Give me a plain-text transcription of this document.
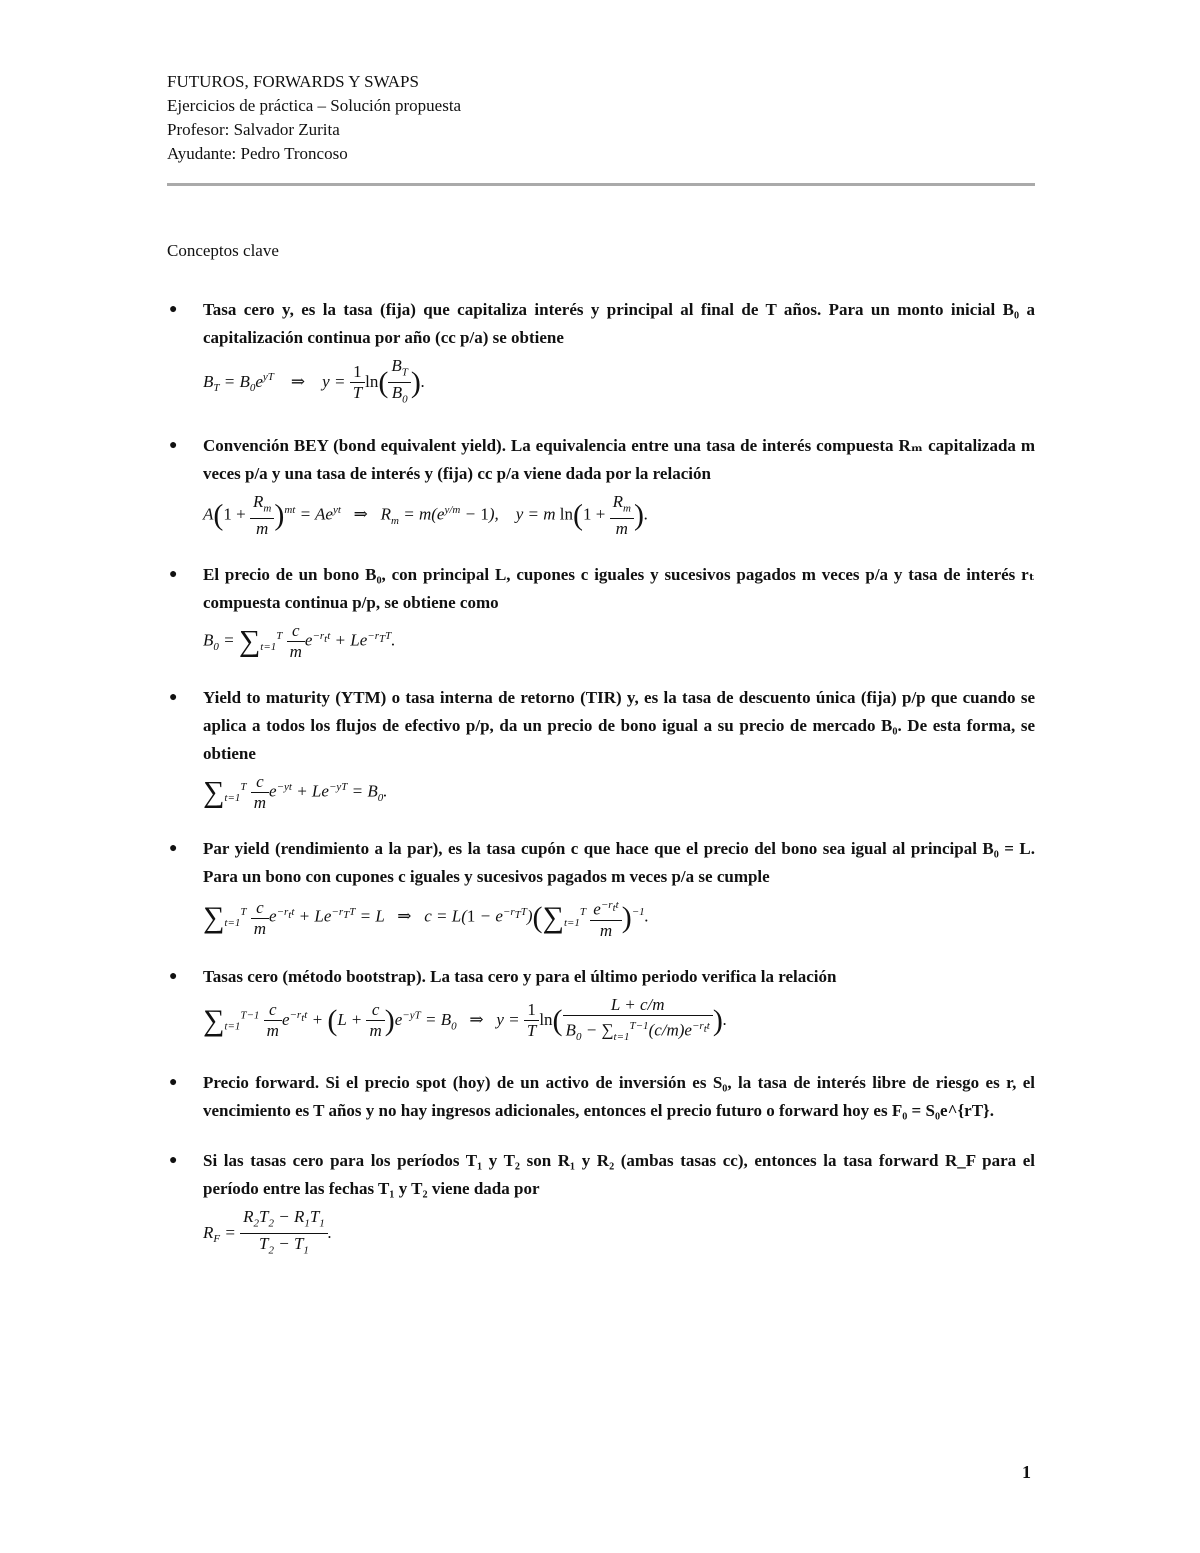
FUTUROS, FORWARDS Y SWAPS
Ejercicios de práctica – Solución propuesta
Profesor: Salvador Zurita
Ayudante: Pedro Troncoso
Conceptos clave
● Tasa cero y, es la tasa (fija) que capitaliza interés y principal al final de T años. Para un monto inicial B₀ a capitalización continua por año (cc p/a) se obtiene
$B_T = B_0e^{yT}$    ⇒    $y = \frac{1}{T} \ln( \frac{B_T}{B_0}$ ).
● Convención BEY (bond equivalent yield). La equivalencia entre una tasa de interés compuesta Rₘ capitalizada m veces p/a y una tasa de interés y (fija) cc p/a viene dada por la relación
$A(1 + \frac{R_m}{m} )^{mt} = Ae^{yt}$   ⇒   $R_m = m(e^{y/m} - 1)$,    y = m $\ln(1 + \frac{R_m}{m}$ ).
● El precio de un bono B₀, con principal L, cupones c iguales y sucesivos pagados m veces p/a y tasa de interés rₜ compuesta continua p/p, se obtiene como
$B_0 = \sum_{t=1}^T \frac{c}{m} e^{-r_tt} + Le^{-r_TT}$.
● Yield to maturity (YTM) o tasa interna de retorno (TIR) y, es la tasa de descuento única (fija) p/p que cuando se aplica a todos los flujos de efectivo p/p, da un precio de bono igual a su precio de mercado B₀. De esta forma, se obtiene
$\sum_{t=1}^T \frac{c}{m} e^{-yt} + Le^{-yT} = B_0$.
● Par yield (rendimiento a la par), es la tasa cupón c que hace que el precio del bono sea igual al principal B₀ = L. Para un bono con cupones c iguales y sucesivos pagados m veces p/a se cumple
$\sum_{t=1}^T \frac{c}{m} e^{-r_tt} + Le^{-r_TT} = L$   ⇒   $c = L(1 - e^{-r_TT})(\sum_{t=1}^T \frac{e^{-r_tt}}{m} )^{-1}$.
● Tasas cero (método bootstrap). La tasa cero y para el último periodo verifica la relación
$\sum_{t=1}^{T-1} \frac{c}{m} e^{-r_tt} + (L + \frac{c}{m} )e^{-yT} = B_0$   ⇒   $y = \frac{1}{T} \ln( \frac{L + c/m}{B_0 - \sum_{t=1}^{T-1}(c/m)e^{-r_tt}}$ ).
● Precio forward. Si el precio spot (hoy) de un activo de inversión es S₀, la tasa de interés libre de riesgo es r, el vencimiento es T años y no hay ingresos adicionales, entonces el precio futuro o forward hoy es F₀ = S₀e^{rT}.
● Si las tasas cero para los períodos T₁ y T₂ son R₁ y R₂ (ambas tasas cc), entonces la tasa forward R_F para el período entre las fechas T₁ y T₂ viene dada por
$R_F = \frac{R_2T_2 - R_1T_1}{T_2 - T_1}$ .
1
